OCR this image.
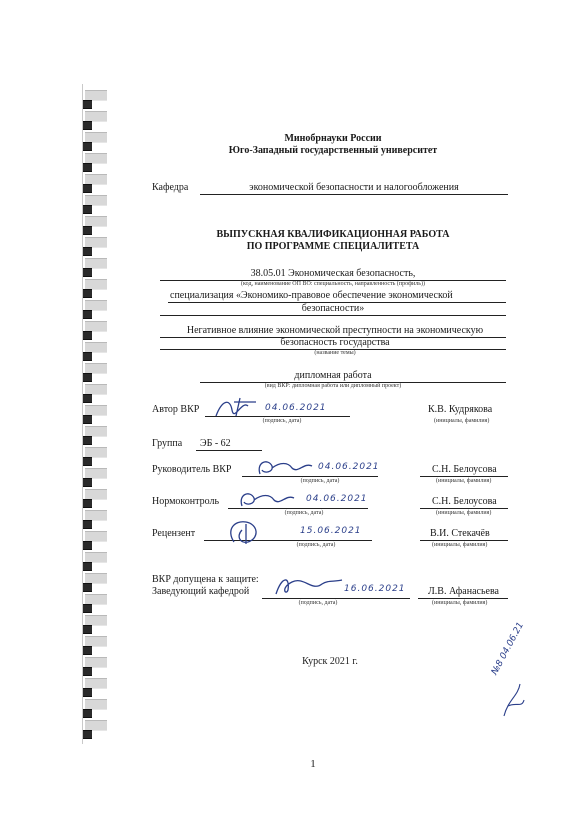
Минобрнауки России
Юго-Западный государственный университет
Кафедра	экономической безопасности и налогообложения
ВЫПУСКНАЯ КВАЛИФИКАЦИОННАЯ РАБОТА
ПО ПРОГРАММЕ СПЕЦИАЛИТЕТА
38.05.01 Экономическая безопасность,
(код, наименование ОП ВО: специальность, направленность (профиль))
специализация «Экономико-правовое обеспечение экономической
безопасности»
Негативное влияние экономической преступности на экономическую
безопасность государства
(название темы)
дипломная работа
(вид ВКР: дипломная работа или дипломный проект)
Автор ВКР	04.06.2021
(подпись, дата)
К.В. Кудрякова
(инициалы, фамилия)
Группа ЭБ - 62
Руководитель ВКР	04.06.2021
(подпись, дата)
С.Н. Белоусова
(инициалы, фамилия)
Нормоконтроль	04.06.2021
(подпись, дата)
С.Н. Белоусова
(инициалы, фамилия)
Рецензент	15.06.2021
(подпись, дата)
В.И. Стекачёв
(инициалы, фамилия)
ВКР допущена к защите:
Заведующий кафедрой	16.06.2021
(подпись, дата)
Л.В. Афанасьева
(инициалы, фамилия)
Курск 2021 г.
1
№8 04.06.21
